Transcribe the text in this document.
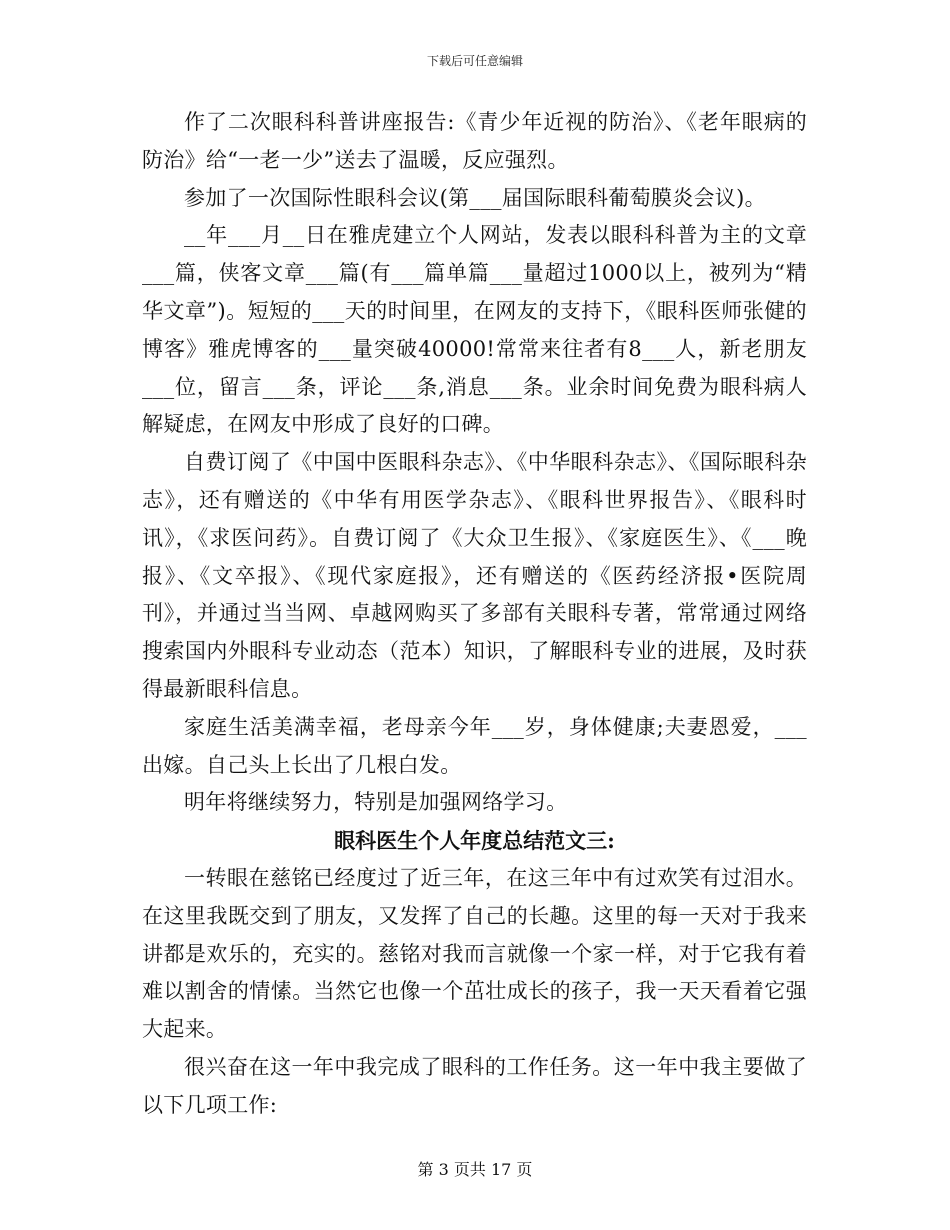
下载后可任意编辑

作了二次眼科科普讲座报告:《青少年近视的防治》、《老年眼病的防治》给“一老一少”送去了温暖，反应强烈。

参加了一次国际性眼科会议(第___届国际眼科葡萄膜炎会议)。

__年___月__日在雅虎建立个人网站，发表以眼科科普为主的文章___篇，侠客文章___篇(有___篇单篇___量超过1000以上，被列为“精华文章”)。短短的___天的时间里，在网友的支持下，《眼科医师张健的博客》雅虎博客的___量突破40000!常常来往者有8___人，新老朋友___位，留言___条，评论___条,消息___条。业余时间免费为眼科病人解疑虑，在网友中形成了良好的口碑。

自费订阅了《中国中医眼科杂志》、《中华眼科杂志》、《国际眼科杂志》，还有赠送的《中华有用医学杂志》、《眼科世界报告》、《眼科时讯》，《求医问药》。自费订阅了《大众卫生报》、《家庭医生》、《___晚报》、《文卒报》、《现代家庭报》，还有赠送的《医药经济报•医院周刊》，并通过当当网、卓越网购买了多部有关眼科专著，常常通过网络搜索国内外眼科专业动态（范本）知识，了解眼科专业的进展，及时获得最新眼科信息。

家庭生活美满幸福，老母亲今年___岁，身体健康;夫妻恩爱，___出嫁。自己头上长出了几根白发。

明年将继续努力，特别是加强网络学习。

眼科医生个人年度总结范文三:

一转眼在慈铭已经度过了近三年，在这三年中有过欢笑有过泪水。在这里我既交到了朋友，又发挥了自己的长趣。这里的每一天对于我来讲都是欢乐的，充实的。慈铭对我而言就像一个家一样，对于它我有着难以割舍的情愫。当然它也像一个茁壮成长的孩子，我一天天看着它强大起来。

很兴奋在这一年中我完成了眼科的工作任务。这一年中我主要做了以下几项工作:

第 3 页共 17 页
